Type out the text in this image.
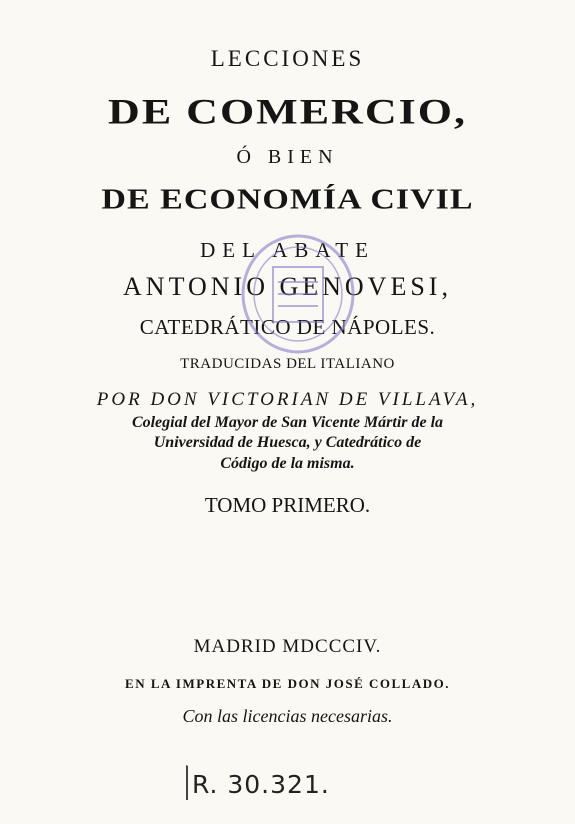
LECCIONES
DE COMERCIO,
Ó BIEN
DE ECONOMÍA CIVIL
DEL ABATE
ANTONIO GENOVESI,
CATEDRÁTICO DE NÁPOLES.
TRADUCIDAS DEL ITALIANO
POR DON VICTORIAN DE VILLAVA,
Colegial del Mayor de San Vicente Mártir de la
Universidad de Huesca, y Catedrático de
Código de la misma.
TOMO PRIMERO.
MADRID MDCCCIV.
EN LA IMPRENTA DE DON JOSÉ COLLADO.
Con las licencias necesarias.
R. 30.321.
